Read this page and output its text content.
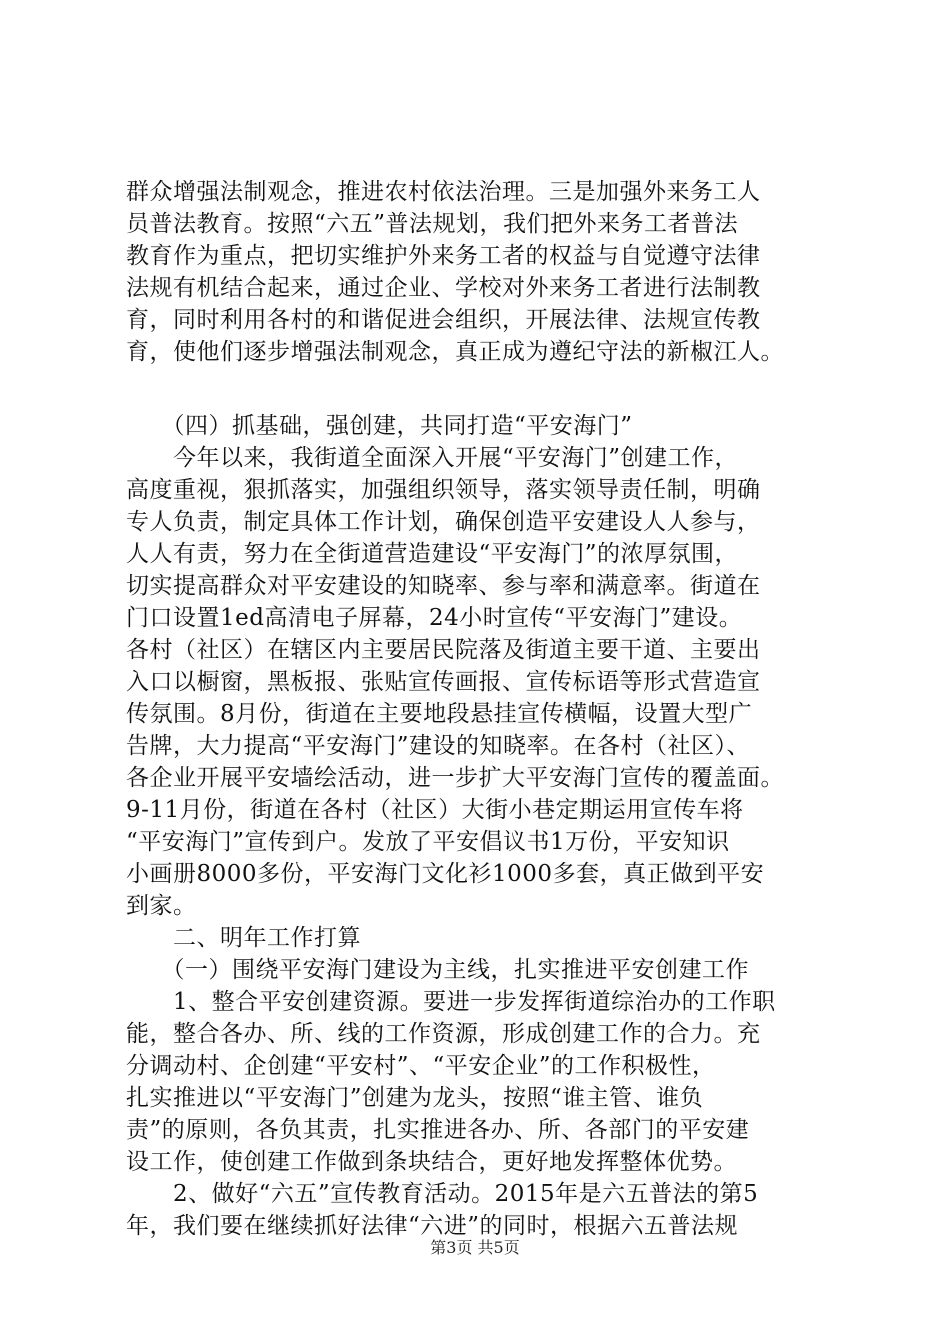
群众增强法制观念，推进农村依法治理。三是加强外来务工人
员普法教育。按照“六五”普法规划，我们把外来务工者普法
教育作为重点，把切实维护外来务工者的权益与自觉遵守法律
法规有机结合起来，通过企业、学校对外来务工者进行法制教
育，同时利用各村的和谐促进会组织，开展法律、法规宣传教
育，使他们逐步增强法制观念，真正成为遵纪守法的新椒江人。
　　（四）抓基础，强创建，共同打造“平安海门”
　　今年以来，我街道全面深入开展“平安海门”创建工作，
高度重视，狠抓落实，加强组织领导，落实领导责任制，明确
专人负责，制定具体工作计划，确保创造平安建设人人参与，
人人有责，努力在全街道营造建设“平安海门”的浓厚氛围，
切实提高群众对平安建设的知晓率、参与率和满意率。街道在
门口设置1ed高清电子屏幕，24小时宣传“平安海门”建设。
各村（社区）在辖区内主要居民院落及街道主要干道、主要出
入口以橱窗，黑板报、张贴宣传画报、宣传标语等形式营造宣
传氛围。8月份，街道在主要地段悬挂宣传横幅，设置大型广
告牌，大力提高“平安海门”建设的知晓率。在各村（社区）、
各企业开展平安墙绘活动，进一步扩大平安海门宣传的覆盖面。
9-11月份，街道在各村（社区）大街小巷定期运用宣传车将
“平安海门”宣传到户。发放了平安倡议书1万份，平安知识
小画册8000多份，平安海门文化衫1000多套，真正做到平安
到家。
　　二、明年工作打算
　　（一）围绕平安海门建设为主线，扎实推进平安创建工作
　　1、整合平安创建资源。要进一步发挥街道综治办的工作职
能，整合各办、所、线的工作资源，形成创建工作的合力。充
分调动村、企创建“平安村”、“平安企业”的工作积极性，
扎实推进以“平安海门”创建为龙头，按照“谁主管、谁负
责”的原则，各负其责，扎实推进各办、所、各部门的平安建
设工作，使创建工作做到条块结合，更好地发挥整体优势。
　　2、做好“六五”宣传教育活动。2015年是六五普法的第5
年，我们要在继续抓好法律“六进”的同时，根据六五普法规
第3页 共5页
